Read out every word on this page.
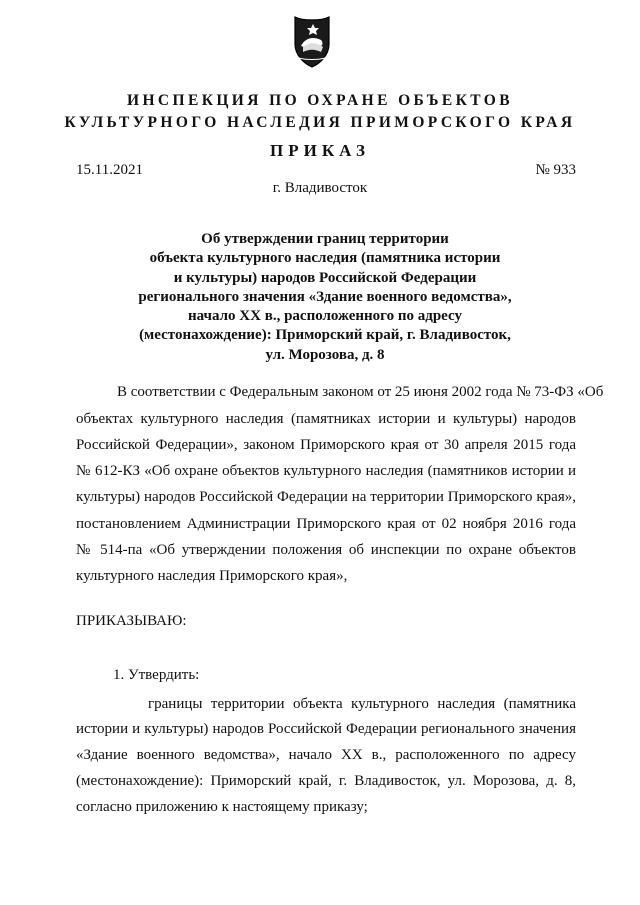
ИНСПЕКЦИЯ ПО ОХРАНЕ ОБЪЕКТОВ
КУЛЬТУРНОГО НАСЛЕДИЯ ПРИМОРСКОГО КРАЯ
ПРИКАЗ
15.11.2021	№ 933
г. Владивосток
Об утверждении границ территории
объекта культурного наследия (памятника истории
и культуры) народов Российской Федерации
регионального значения «Здание военного ведомства»,
начало XX в., расположенного по адресу
(местонахождение): Приморский край, г. Владивосток,
ул. Морозова, д. 8
В соответствии с Федеральным законом от 25 июня 2002 года № 73-ФЗ «Об
объектах культурного наследия (памятниках истории и культуры) народов
Российской Федерации», законом Приморского края от 30 апреля 2015 года
№ 612-КЗ «Об охране объектов культурного наследия (памятников истории и
культуры) народов Российской Федерации на территории Приморского края»,
постановлением Администрации Приморского края от 02 ноября 2016 года
№ 514-па «Об утверждении положения об инспекции по охране объектов
культурного наследия Приморского края»,
ПРИКАЗЫВАЮ:
1. Утвердить:
границы территории объекта культурного наследия (памятника
истории и культуры) народов Российской Федерации регионального значения
«Здание военного ведомства», начало XX в., расположенного по адресу
(местонахождение): Приморский край, г. Владивосток, ул. Морозова, д. 8,
согласно приложению к настоящему приказу;
